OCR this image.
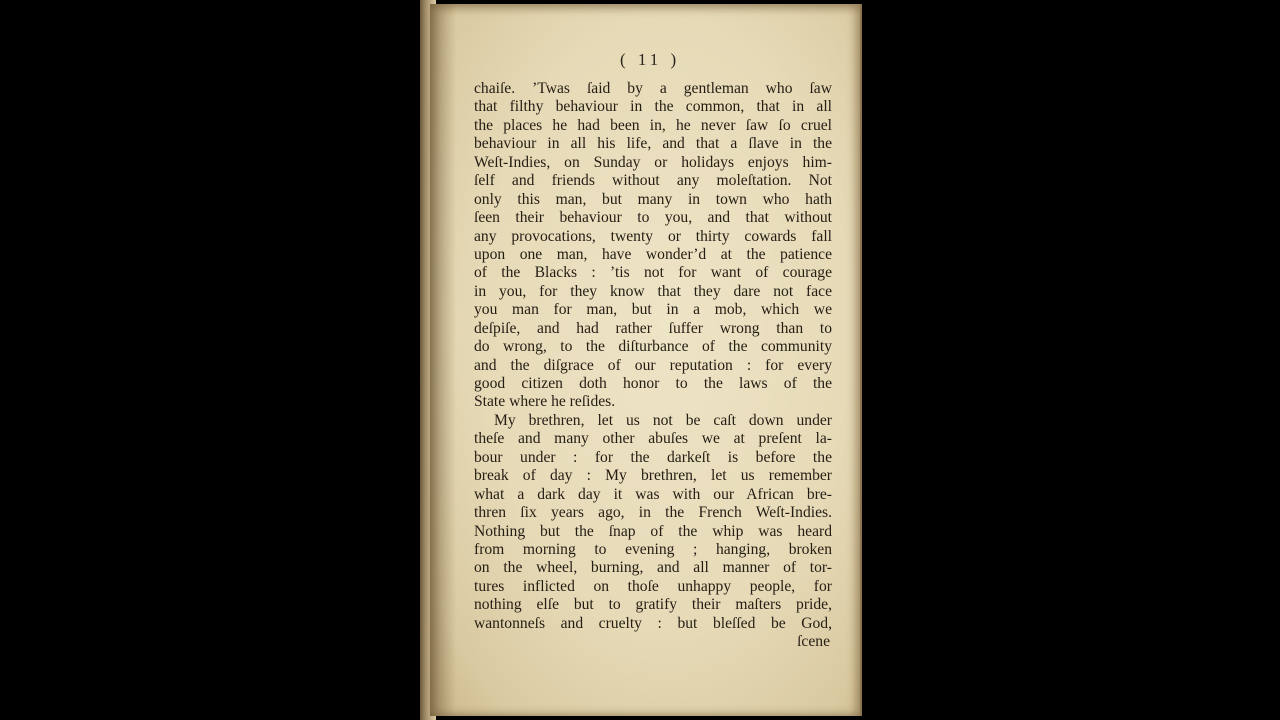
( 11 )
chaiſe. ’Twas ſaid by a gentleman who ſaw
that filthy behaviour in the common, that in all
the places he had been in, he never ſaw ſo cruel
behaviour in all his life, and that a ſlave in the
Weſt-Indies, on Sunday or holidays enjoys him-
ſelf and friends without any moleſtation. Not
only this man, but many in town who hath
ſeen their behaviour to you, and that without
any provocations, twenty or thirty cowards fall
upon one man, have wonder’d at the patience
of the Blacks : ’tis not for want of courage
in you, for they know that they dare not face
you man for man, but in a mob, which we
deſpiſe, and had rather ſuffer wrong than to
do wrong, to the diſturbance of the community
and the diſgrace of our reputation : for every
good citizen doth honor to the laws of the
State where he reſides.
My brethren, let us not be caſt down under
theſe and many other abuſes we at preſent la-
bour under : for the darkeſt is before the
break of day : My brethren, let us remember
what a dark day it was with our African bre-
thren ſix years ago, in the French Weſt-Indies.
Nothing but the ſnap of the whip was heard
from morning to evening ; hanging, broken
on the wheel, burning, and all manner of tor-
tures inflicted on thoſe unhappy people, for
nothing elſe but to gratify their maſters pride,
wantonneſs and cruelty : but bleſſed be God,
ſcene
